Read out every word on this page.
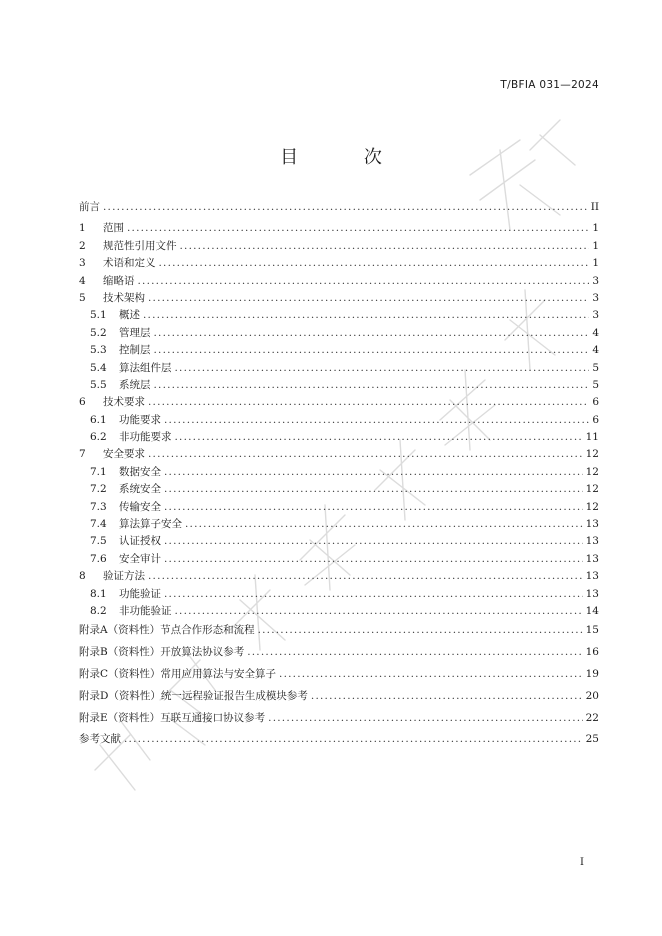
T/BFIA 031—2024
目 次
前言 .....	II
1	范围 .....	1
2	规范性引用文件 .....	1
3	术语和定义 .....	1
4	缩略语 .....	3
5	技术架构 .....	3
5.1	概述 .....	3
5.2	管理层 .....	4
5.3	控制层 .....	4
5.4	算法组件层 .....	5
5.5	系统层 .....	5
6	技术要求 .....	6
6.1	功能要求 .....	6
6.2	非功能要求 .....	11
7	安全要求 .....	12
7.1	数据安全 .....	12
7.2	系统安全 .....	12
7.3	传输安全 .....	12
7.4	算法算子安全 .....	13
7.5	认证授权 .....	13
7.6	安全审计 .....	13
8	验证方法 .....	13
8.1	功能验证 .....	13
8.2	非功能验证 .....	14
附录A（资料性）节点合作形态和流程 .....	15
附录B（资料性）开放算法协议参考 .....	16
附录C（资料性）常用应用算法与安全算子 .....	19
附录D（资料性）统一远程验证报告生成模块参考 .....	20
附录E（资料性）互联互通接口协议参考 .....	22
参考文献 .....	25
I
